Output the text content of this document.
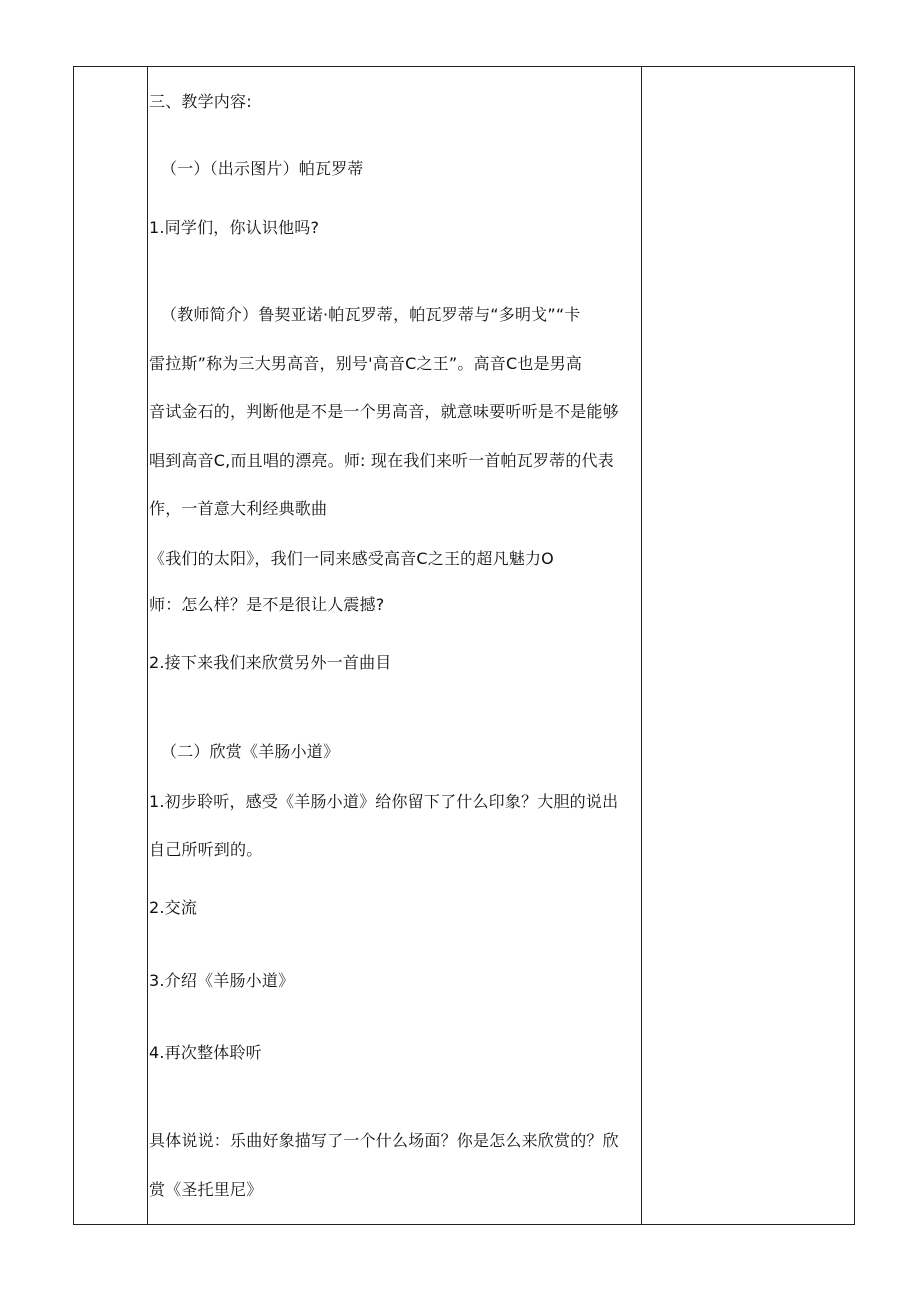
三、教学内容:
（一）（出示图片）帕瓦罗蒂
1.同学们，你认识他吗?
（教师简介）鲁契亚诺·帕瓦罗蒂，帕瓦罗蒂与“多明戈”“卡
雷拉斯”称为三大男高音，别号'高音C之王”。高音C也是男高
音试金石的，判断他是不是一个男高音，就意味要听听是不是能够
唱到高音C,而且唱的漂亮。师: 现在我们来听一首帕瓦罗蒂的代表
作，一首意大利经典歌曲
《我们的太阳》，我们一同来感受高音C之王的超凡魅力O
师：怎么样？是不是很让人震撼?
2.接下来我们来欣赏另外一首曲目
（二）欣赏《羊肠小道》
1.初步聆听，感受《羊肠小道》给你留下了什么印象？大胆的说出
自己所听到的。
2.交流
3.介绍《羊肠小道》
4.再次整体聆听
具体说说：乐曲好象描写了一个什么场面？你是怎么来欣赏的？欣
赏《圣托里尼》
